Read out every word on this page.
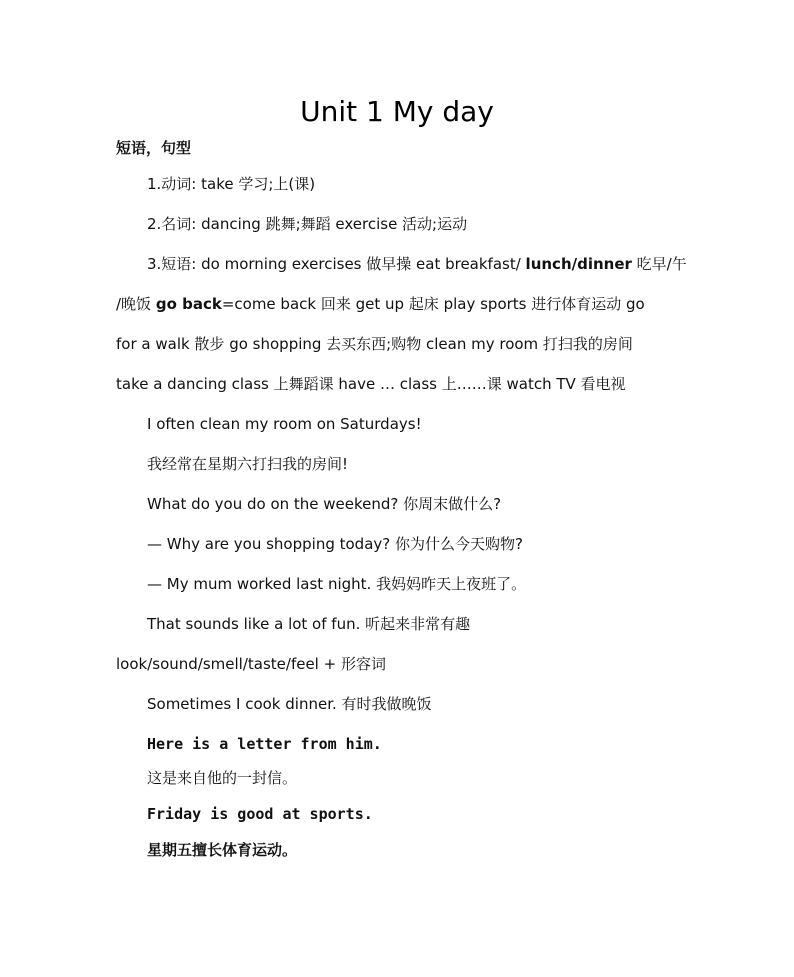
Unit 1 My day
短语，句型
1.动词: take 学习;上(课)
2.名词: dancing 跳舞;舞蹈 exercise 活动;运动
3.短语: do morning exercises 做早操 eat breakfast/ lunch/dinner 吃早/午
/晚饭 go back=come back 回来 get up 起床 play sports 进行体育运动 go
for a walk 散步 go shopping 去买东西;购物 clean my room 打扫我的房间
take a dancing class 上舞蹈课 have … class 上……课 watch TV 看电视
I often clean my room on Saturdays!
我经常在星期六打扫我的房间!
What do you do on the weekend? 你周末做什么?
— Why are you shopping today? 你为什么今天购物?
— My mum worked last night. 我妈妈昨天上夜班了。
That sounds like a lot of fun. 听起来非常有趣
look/sound/smell/taste/feel + 形容词
Sometimes I cook dinner. 有时我做晚饭
Here is a letter from him.
这是来自他的一封信。
Friday is good at sports.
星期五擅长体育运动。
